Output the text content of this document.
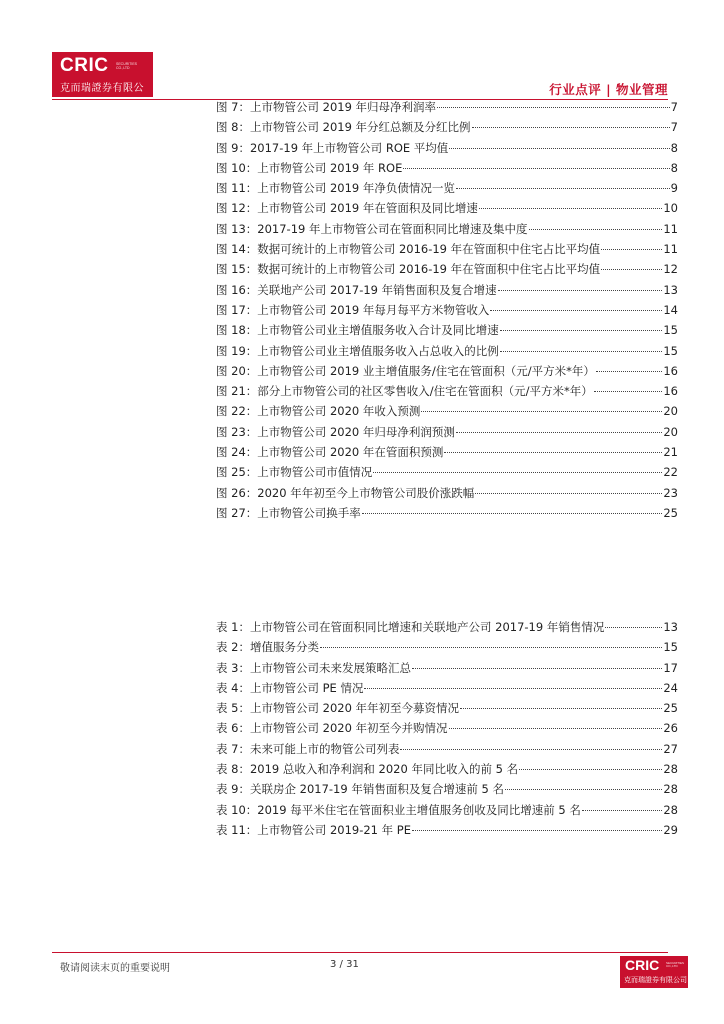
CRIC SECURITIES CO.,LTD
克而瑞證券有限公司
行业点评 | 物业管理
图 7：上市物管公司 2019 年归母净利润率	7
图 8：上市物管公司 2019 年分红总额及分红比例	7
图 9：2017-19 年上市物管公司 ROE 平均值	8
图 10：上市物管公司 2019 年 ROE	8
图 11：上市物管公司 2019 年净负债情况一览	9
图 12：上市物管公司 2019 年在管面积及同比增速	10
图 13：2017-19 年上市物管公司在管面积同比增速及集中度	11
图 14：数据可统计的上市物管公司 2016-19 年在管面积中住宅占比平均值	11
图 15：数据可统计的上市物管公司 2016-19 年在管面积中住宅占比平均值	12
图 16：关联地产公司 2017-19 年销售面积及复合增速	13
图 17：上市物管公司 2019 年每月每平方米物管收入	14
图 18：上市物管公司业主增值服务收入合计及同比增速	15
图 19：上市物管公司业主增值服务收入占总收入的比例	15
图 20：上市物管公司 2019 业主增值服务/住宅在管面积（元/平方米*年）	16
图 21：部分上市物管公司的社区零售收入/住宅在管面积（元/平方米*年）	16
图 22：上市物管公司 2020 年收入预测	20
图 23：上市物管公司 2020 年归母净利润预测	20
图 24：上市物管公司 2020 年在管面积预测	21
图 25：上市物管公司市值情况	22
图 26：2020 年年初至今上市物管公司股价涨跌幅	23
图 27：上市物管公司换手率	25
表 1：上市物管公司在管面积同比增速和关联地产公司 2017-19 年销售情况	13
表 2：增值服务分类	15
表 3：上市物管公司未来发展策略汇总	17
表 4：上市物管公司 PE 情况	24
表 5：上市物管公司 2020 年年初至今募资情况	25
表 6：上市物管公司 2020 年初至今并购情况	26
表 7：未来可能上市的物管公司列表	27
表 8：2019 总收入和净利润和 2020 年同比收入的前 5 名	28
表 9：关联房企 2017-19 年销售面积及复合增速前 5 名	28
表 10：2019 每平米住宅在管面积业主增值服务创收及同比增速前 5 名	28
表 11：上市物管公司 2019-21 年 PE	29
敬请阅读末页的重要说明	3 / 31	CRIC SECURITIES CO.,LTD
克而瑞證券有限公司
